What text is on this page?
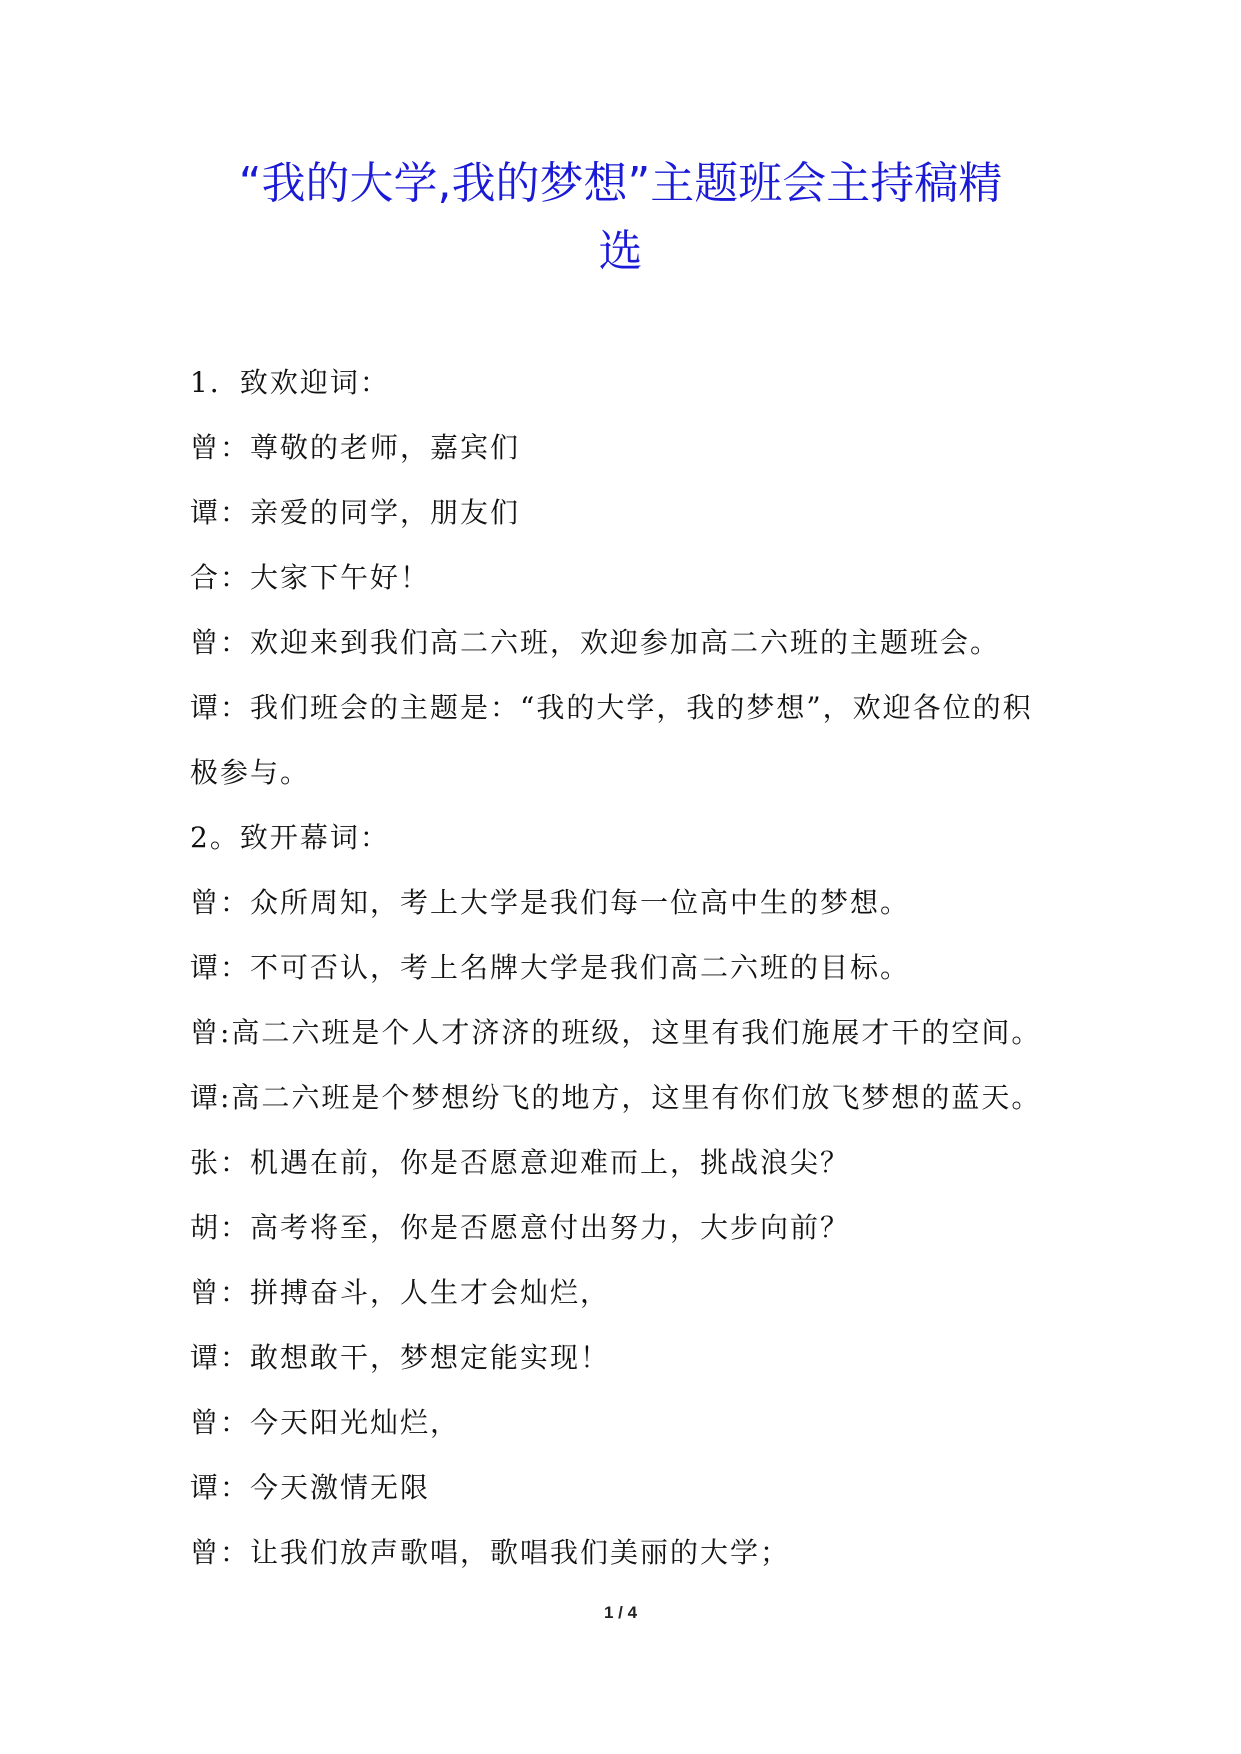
“我的大学,我的梦想”主题班会主持稿精
选
1．致欢迎词：
曾：尊敬的老师，嘉宾们
谭：亲爱的同学，朋友们
合：大家下午好！
曾：欢迎来到我们高二六班，欢迎参加高二六班的主题班会。
谭：我们班会的主题是：“我的大学，我的梦想”，欢迎各位的积
极参与。
2。致开幕词：
曾：众所周知，考上大学是我们每一位高中生的梦想。
谭：不可否认，考上名牌大学是我们高二六班的目标。
曾:高二六班是个人才济济的班级，这里有我们施展才干的空间。
谭:高二六班是个梦想纷飞的地方，这里有你们放飞梦想的蓝天。
张：机遇在前，你是否愿意迎难而上，挑战浪尖？
胡：高考将至，你是否愿意付出努力，大步向前？
曾：拼搏奋斗，人生才会灿烂，
谭：敢想敢干，梦想定能实现！
曾：今天阳光灿烂，
谭：今天激情无限
曾：让我们放声歌唱，歌唱我们美丽的大学；
1 / 4
